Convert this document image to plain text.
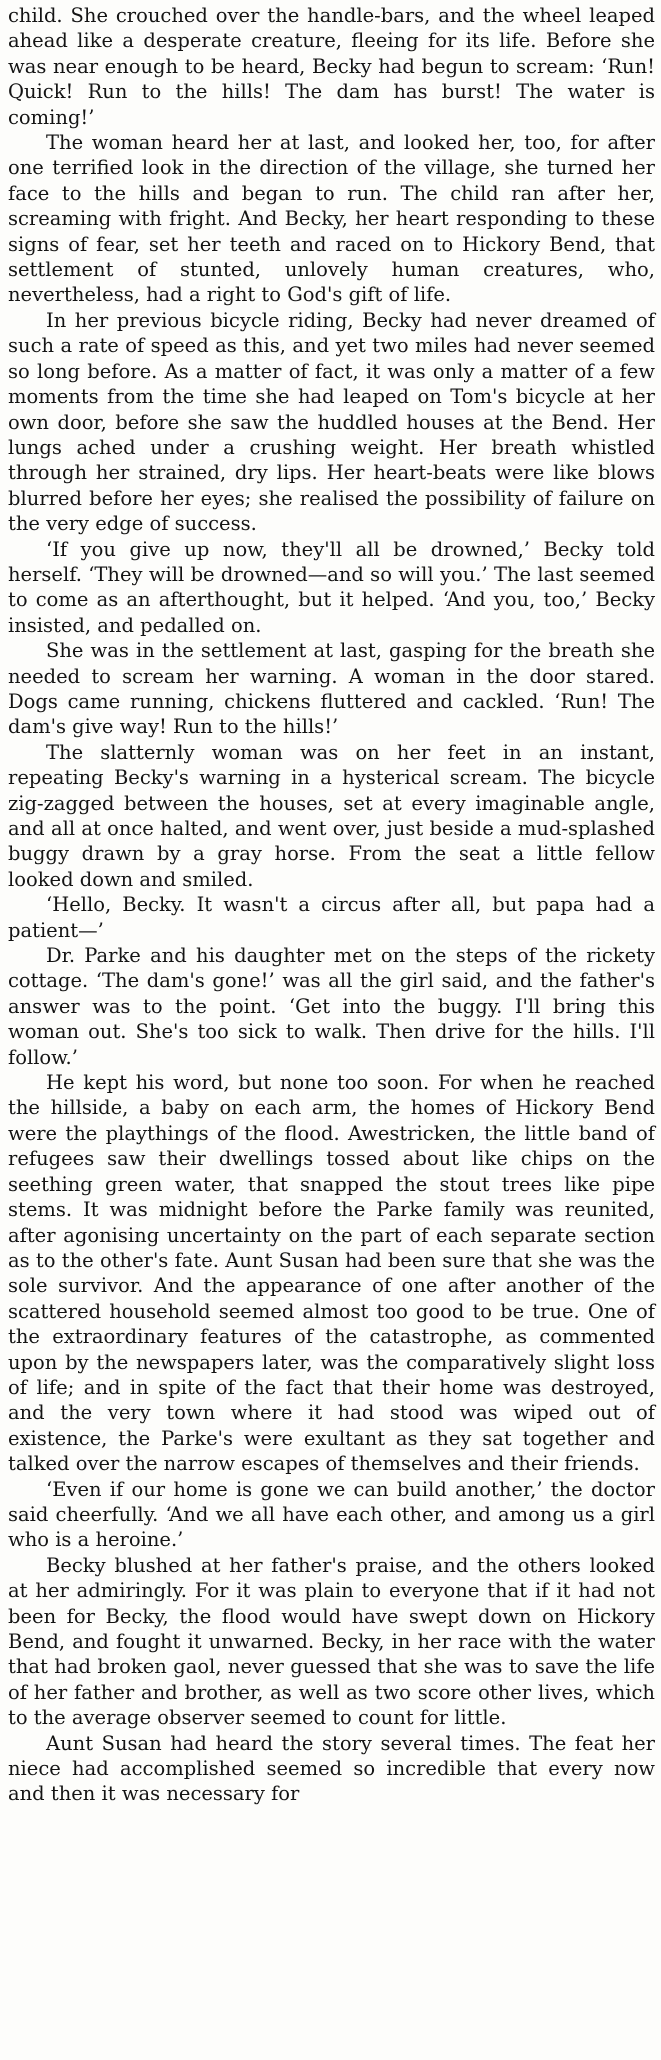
child. She crouched over the handle-bars, and the wheel leaped ahead like a desperate creature, fleeing for its life. Before she was near enough to be heard, Becky had begun to scream: ‘Run! Quick! Run to the hills! The dam has burst! The water is coming!’

The woman heard her at last, and looked her, too, for after one terrified look in the direction of the village, she turned her face to the hills and began to run. The child ran after her, screaming with fright. And Becky, her heart responding to these signs of fear, set her teeth and raced on to Hickory Bend, that settlement of stunted, unlovely human creatures, who, nevertheless, had a right to God's gift of life.

In her previous bicycle riding, Becky had never dreamed of such a rate of speed as this, and yet two miles had never seemed so long before. As a matter of fact, it was only a matter of a few moments from the time she had leaped on Tom's bicycle at her own door, before she saw the huddled houses at the Bend. Her lungs ached under a crushing weight. Her breath whistled through her strained, dry lips. Her heart-beats were like blows blurred before her eyes; she realised the possibility of failure on the very edge of success.

‘If you give up now, they'll all be drowned,’ Becky told herself. ‘They will be drowned—and so will you.’ The last seemed to come as an afterthought, but it helped. ‘And you, too,’ Becky insisted, and pedalled on.

She was in the settlement at last, gasping for the breath she needed to scream her warning. A woman in the door stared. Dogs came running, chickens fluttered and cackled. ‘Run! The dam's give way! Run to the hills!’

The slatternly woman was on her feet in an instant, repeating Becky's warning in a hysterical scream. The bicycle zig-zagged between the houses, set at every imaginable angle, and all at once halted, and went over, just beside a mud-splashed buggy drawn by a gray horse. From the seat a little fellow looked down and smiled.

‘Hello, Becky. It wasn't a circus after all, but papa had a patient—’

Dr. Parke and his daughter met on the steps of the rickety cottage. ‘The dam's gone!’ was all the girl said, and the father's answer was to the point. ‘Get into the buggy. I'll bring this woman out. She's too sick to walk. Then drive for the hills. I'll follow.’

He kept his word, but none too soon. For when he reached the hillside, a baby on each arm, the homes of Hickory Bend were the playthings of the flood. Awestricken, the little band of refugees saw their dwellings tossed about like chips on the seething green water, that snapped the stout trees like pipe stems. It was midnight before the Parke family was reunited, after agonising uncertainty on the part of each separate section as to the other's fate. Aunt Susan had been sure that she was the sole survivor. And the appearance of one after another of the scattered household seemed almost too good to be true. One of the extraordinary features of the catastrophe, as commented upon by the newspapers later, was the comparatively slight loss of life; and in spite of the fact that their home was destroyed, and the very town where it had stood was wiped out of existence, the Parke's were exultant as they sat together and talked over the narrow escapes of themselves and their friends.

‘Even if our home is gone we can build another,’ the doctor said cheerfully. ‘And we all have each other, and among us a girl who is a heroine.’

Becky blushed at her father's praise, and the others looked at her admiringly. For it was plain to everyone that if it had not been for Becky, the flood would have swept down on Hickory Bend, and fought it unwarned. Becky, in her race with the water that had broken gaol, never guessed that she was to save the life of her father and brother, as well as two score other lives, which to the average observer seemed to count for little.

Aunt Susan had heard the story several times. The feat her niece had accomplished seemed so incredible that every now and then it was necessary for
